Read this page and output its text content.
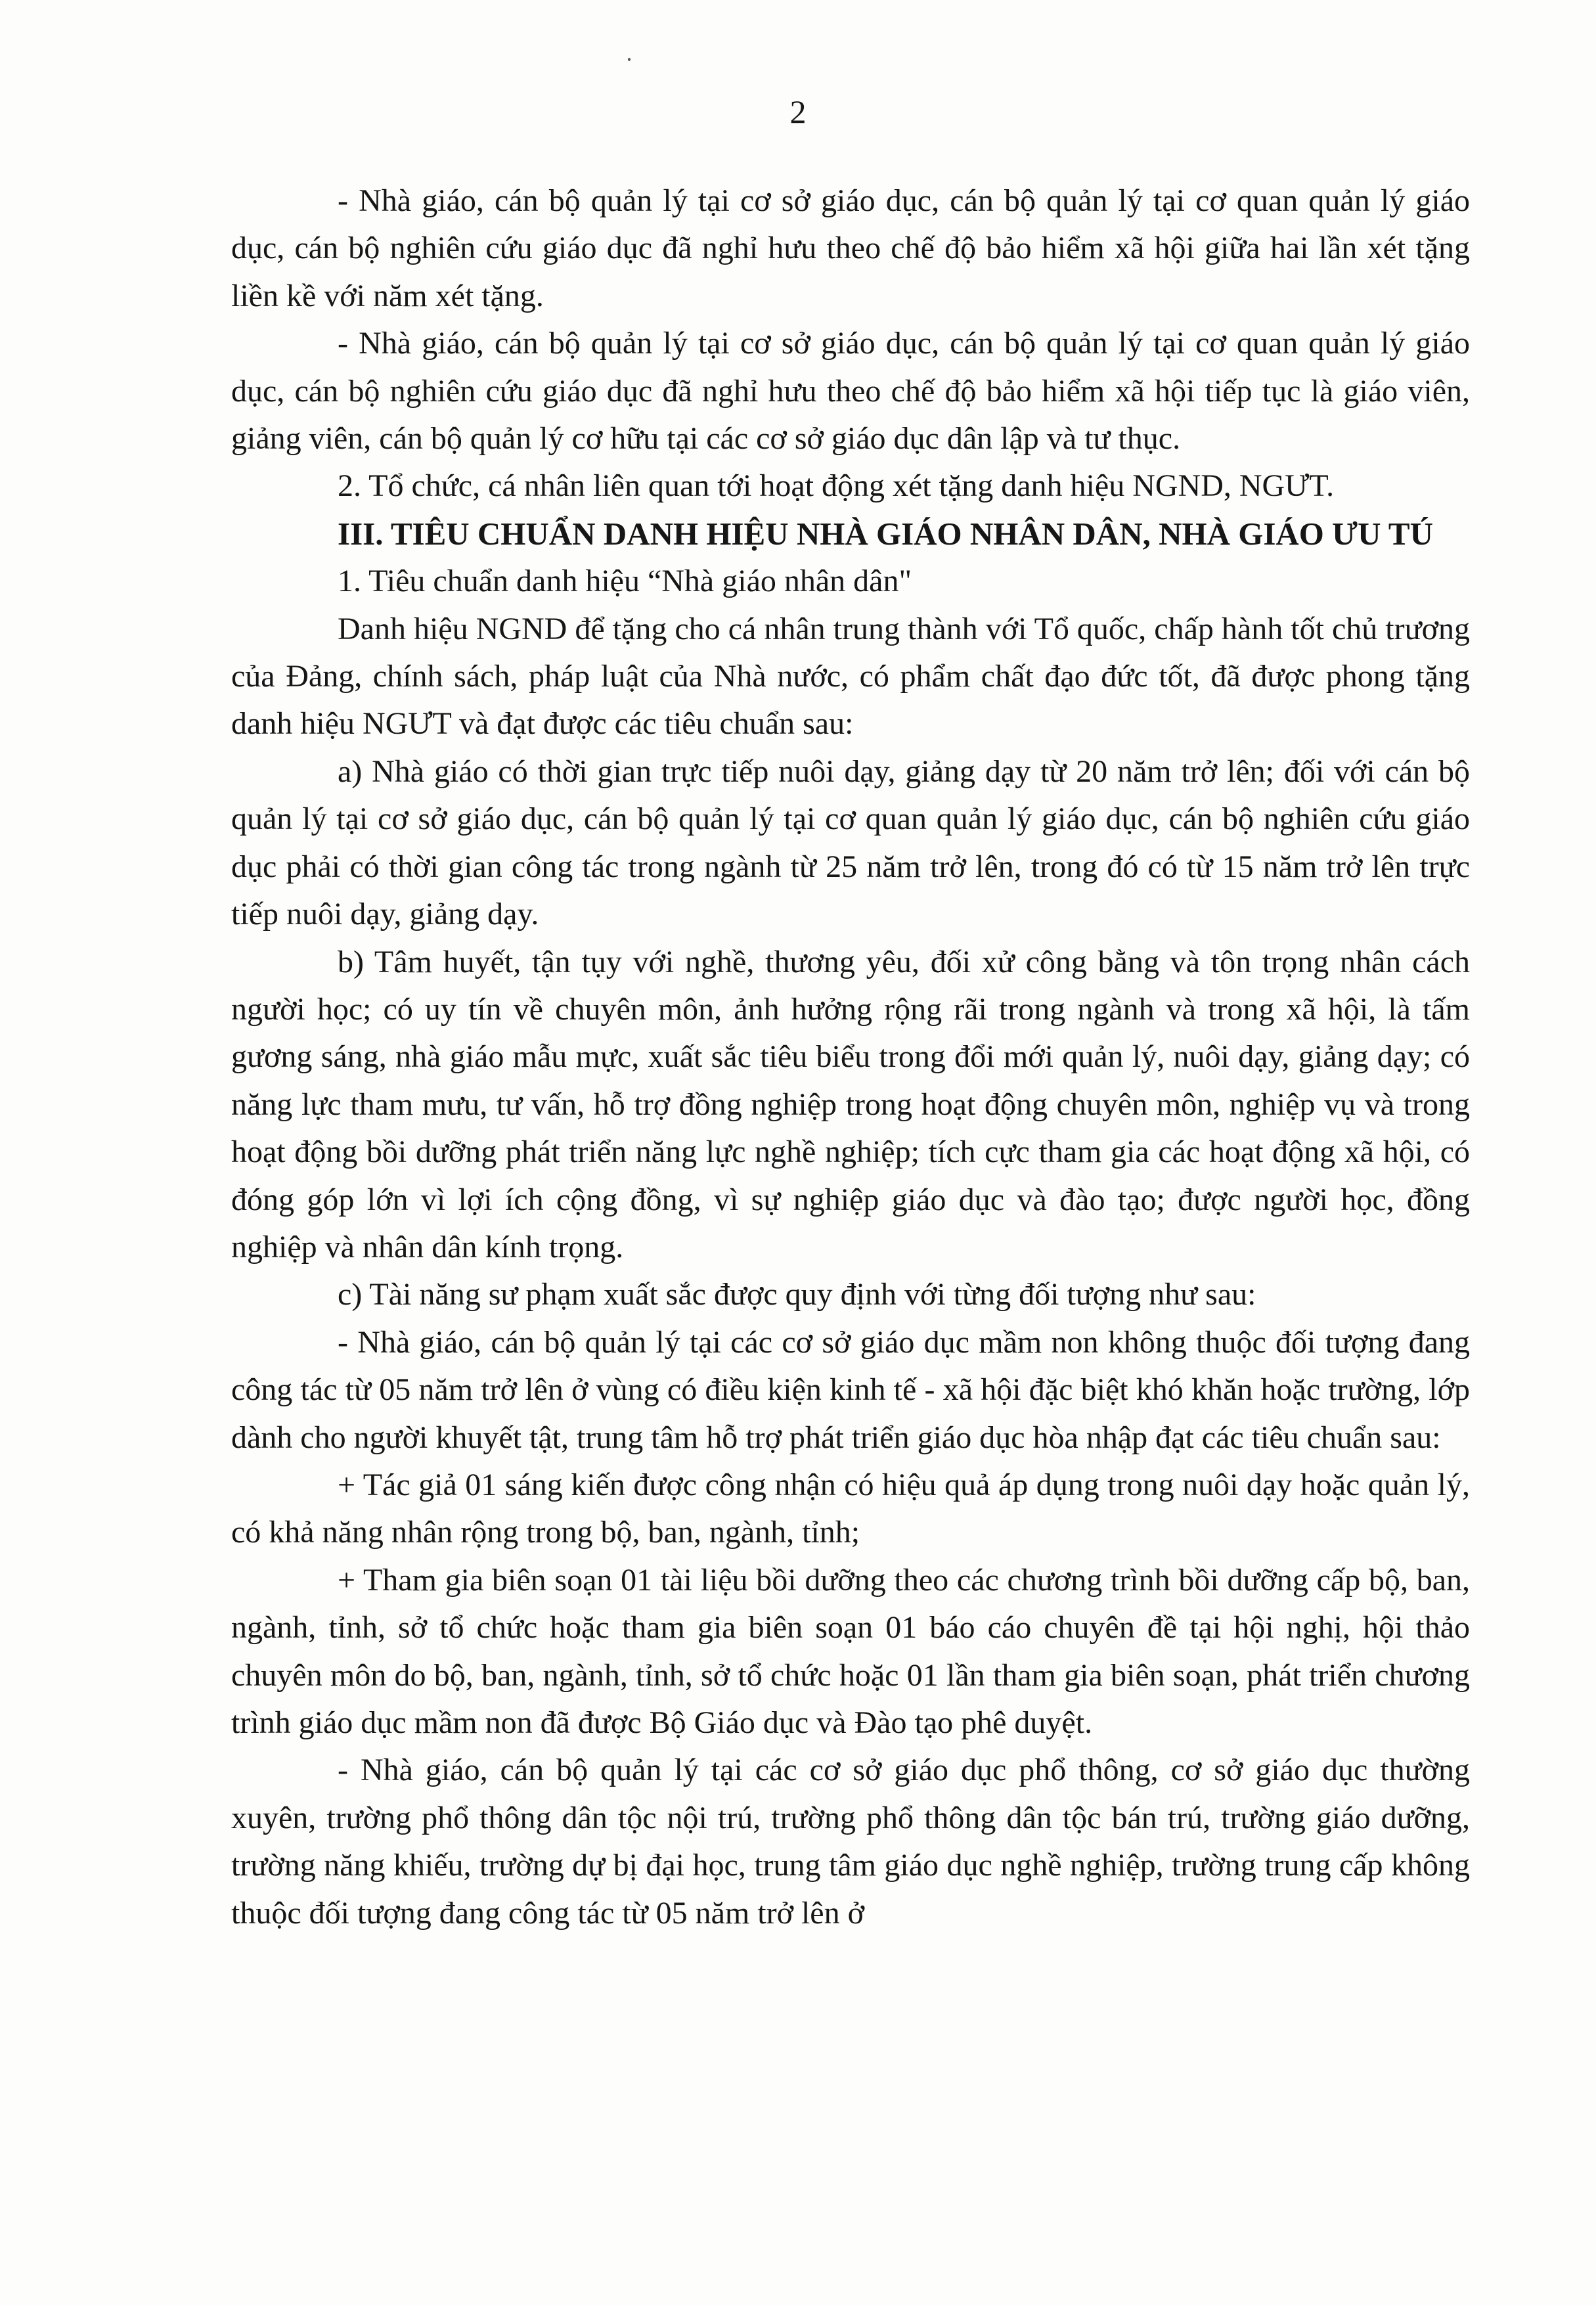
2

- Nhà giáo, cán bộ quản lý tại cơ sở giáo dục, cán bộ quản lý tại cơ quan quản lý giáo dục, cán bộ nghiên cứu giáo dục đã nghỉ hưu theo chế độ bảo hiểm xã hội giữa hai lần xét tặng liền kề với năm xét tặng.

- Nhà giáo, cán bộ quản lý tại cơ sở giáo dục, cán bộ quản lý tại cơ quan quản lý giáo dục, cán bộ nghiên cứu giáo dục đã nghỉ hưu theo chế độ bảo hiểm xã hội tiếp tục là giáo viên, giảng viên, cán bộ quản lý cơ hữu tại các cơ sở giáo dục dân lập và tư thục.

2. Tổ chức, cá nhân liên quan tới hoạt động xét tặng danh hiệu NGND, NGƯT.

III. TIÊU CHUẨN DANH HIỆU NHÀ GIÁO NHÂN DÂN, NHÀ GIÁO ƯU TÚ

1. Tiêu chuẩn danh hiệu “Nhà giáo nhân dân"

Danh hiệu NGND để tặng cho cá nhân trung thành với Tổ quốc, chấp hành tốt chủ trương của Đảng, chính sách, pháp luật của Nhà nước, có phẩm chất đạo đức tốt, đã được phong tặng danh hiệu NGƯT và đạt được các tiêu chuẩn sau:

a) Nhà giáo có thời gian trực tiếp nuôi dạy, giảng dạy từ 20 năm trở lên; đối với cán bộ quản lý tại cơ sở giáo dục, cán bộ quản lý tại cơ quan quản lý giáo dục, cán bộ nghiên cứu giáo dục phải có thời gian công tác trong ngành từ 25 năm trở lên, trong đó có từ 15 năm trở lên trực tiếp nuôi dạy, giảng dạy.

b) Tâm huyết, tận tụy với nghề, thương yêu, đối xử công bằng và tôn trọng nhân cách người học; có uy tín về chuyên môn, ảnh hưởng rộng rãi trong ngành và trong xã hội, là tấm gương sáng, nhà giáo mẫu mực, xuất sắc tiêu biểu trong đổi mới quản lý, nuôi dạy, giảng dạy; có năng lực tham mưu, tư vấn, hỗ trợ đồng nghiệp trong hoạt động chuyên môn, nghiệp vụ và trong hoạt động bồi dưỡng phát triển năng lực nghề nghiệp; tích cực tham gia các hoạt động xã hội, có đóng góp lớn vì lợi ích cộng đồng, vì sự nghiệp giáo dục và đào tạo; được người học, đồng nghiệp và nhân dân kính trọng.

c) Tài năng sư phạm xuất sắc được quy định với từng đối tượng như sau:

- Nhà giáo, cán bộ quản lý tại các cơ sở giáo dục mầm non không thuộc đối tượng đang công tác từ 05 năm trở lên ở vùng có điều kiện kinh tế - xã hội đặc biệt khó khăn hoặc trường, lớp dành cho người khuyết tật, trung tâm hỗ trợ phát triển giáo dục hòa nhập đạt các tiêu chuẩn sau:

+ Tác giả 01 sáng kiến được công nhận có hiệu quả áp dụng trong nuôi dạy hoặc quản lý, có khả năng nhân rộng trong bộ, ban, ngành, tỉnh;

+ Tham gia biên soạn 01 tài liệu bồi dưỡng theo các chương trình bồi dưỡng cấp bộ, ban, ngành, tỉnh, sở tổ chức hoặc tham gia biên soạn 01 báo cáo chuyên đề tại hội nghị, hội thảo chuyên môn do bộ, ban, ngành, tỉnh, sở tổ chức hoặc 01 lần tham gia biên soạn, phát triển chương trình giáo dục mầm non đã được Bộ Giáo dục và Đào tạo phê duyệt.

- Nhà giáo, cán bộ quản lý tại các cơ sở giáo dục phổ thông, cơ sở giáo dục thường xuyên, trường phổ thông dân tộc nội trú, trường phổ thông dân tộc bán trú, trường giáo dưỡng, trường năng khiếu, trường dự bị đại học, trung tâm giáo dục nghề nghiệp, trường trung cấp không thuộc đối tượng đang công tác từ 05 năm trở lên ở
